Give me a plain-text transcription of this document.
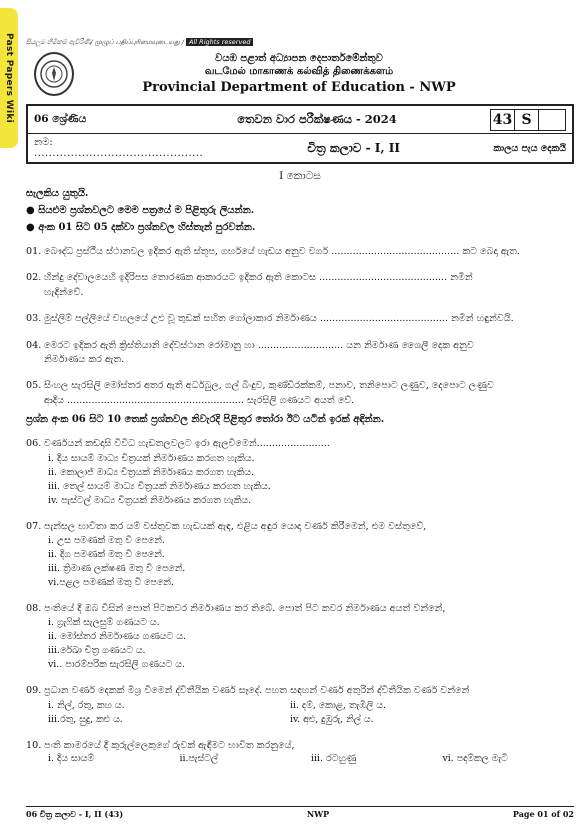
Past Papers Wiki සියලුම හිමිකම් ඇවිරිණි/ முழுப் பதிப்புரிமையுடையது / All Rights reserved
වයඹ පළාත් අධ්‍යාපන දෙපාර්තමේන්තුව
வடமேல் மாகாணக் கல்வித் திணைக்களம்
Provincial Department of Education - NWP
06 ශ්‍රේණිය	තෙවන වාර පරීක්ෂණය - 2024	43 S
නම: ..............................................	චිත්‍ර කලාව - I, II	කාලය පැය දෙකයි
I කොටස
සැලකිය යුතුයි.
● සියළුම ප්‍රශ්නවලට මෙම පත්‍රයේ ම පිළිතුරු ලියන්න.
● අංක 01 සිට 05 දක්වා ප්‍රශ්නවල හිස්තැන් පුරවන්න.
01. බෞද්ධ ප්‍රස්ථීය ස්ථානවල ඉදිකර ඇති ස්තූප, ගර්භයේ හැඩය අනුව වර්ග .......................................... කට බෙදා ඇත.
02. හින්දු දේවාලයෙහි ඉදිරිපස තොරණක ආකාරයට ඉදිකර ඇති කොටස .......................................... නමින්
හැඳින්වේ.
03. මුස්ලිම් පල්ලියේ වහලයේ උළු වූ තුඩක් සහිත ගෝලාකාර නිර්මාණය .......................................... නමින් හඳුන්වයි.
04. මෙරට ඉදිකර ඇති ක්‍රිස්තියානි දේවස්ථාන රෝමානු හා ............................ යන නිර්මාණ ශෛලී දෙක අනුව
නිර්මාණය කර ඇත.
05. සිංහල සැරසිලි මෝස්තර අතර ඇති අර්ධබුල, ගල් බිංදුව, කුණ්ඩිරක්කම්, පනාව, තනිපොට ලණුව, දෙපොට ලණුව
ආදිය .......................................................... සැරසිලි ගණයට අයත් වේ.
ප්‍රශ්න අංක 06 සිට 10 තෙක් ප්‍රශ්නවල නිවැරදි පිළිතුර තෝරා ඊට යටින් ඉරක් අඳින්න.
06. වර්ණයන් කඩදාසි විවිධ හැඩතලවලට ඉරා ඇලවීමෙන්........................
i. දිය සායම් මාධ්‍ය චිත්‍රයක් නිර්මාණය කරගත හැකිය.
ii. කොලාජ් මාධ්‍ය චිත්‍රයක් නිර්මාණය කරගත හැකිය.
iii. තෙල් සායම් මාධ්‍ය චිත්‍රයක් නිර්මාණය කරගත හැකිය.
iv. පැස්ටල් මාධ්‍ය චිත්‍රයක් නිර්මාණය කරගත හැකිය.
07. පැන්සල භාවිතා කර යම් වස්තුවක හැඩයක් ඇඳ, එළිය අඳුර යොදා වර්ණ කිරීමෙන්, එම වස්තුවේ,
i. උස පමණක් මතු වී පෙනේ.
ii. දිග පමණක් මතු වී පෙනේ.
iii. ත්‍රිමාණ ලක්ෂණ මතු වී පෙනේ.
vi.පළල පමණක් මතු වී පෙනේ.
08. පංතියේ දී ඔබ විසින් පොත් පිටකවර නිර්මාණය කර තිබේ. පොත් පිට කවර නිර්මාණය අයත් වන්නේ,
i. ග්‍රැෆික් සැලසුම් ගණයට ය.
ii. මෝස්තර නිර්මාණය ගණයට ය.
iii.රේඛා චිත්‍ර ගණයට ය.
vi.. පාරම්පරික සැරසිලි ගණයට ය.
09. ප්‍රධාන වර්ණ දෙකක් මිශ්‍ර වීමෙන් ද්විතීයික වර්ණ සෑදේ. පහත සඳහන් වර්ණ අතුරින් ද්විතීයික වර්ණ වන්නේ
i. නිල්, රතු, කහ ය.	ii. දම්, කොළ, තැඹිලි ය.
iii.රතු, සුදු, කළු ය.	iv. අළු, දුඹුරු, නිල් ය.
10. පංති කාමරයේ දී කුරුල්ලෙකුගේ රුවක් ඇඳීමට භාවිත කරනුයේ,
i. දිය සායම්	ii.පැස්ටල්	iii. රටහුණු	vi. පදම්කල මැටි
06 චිත්‍ර කලාව - I, II (43)	NWP	Page 01 of 02
